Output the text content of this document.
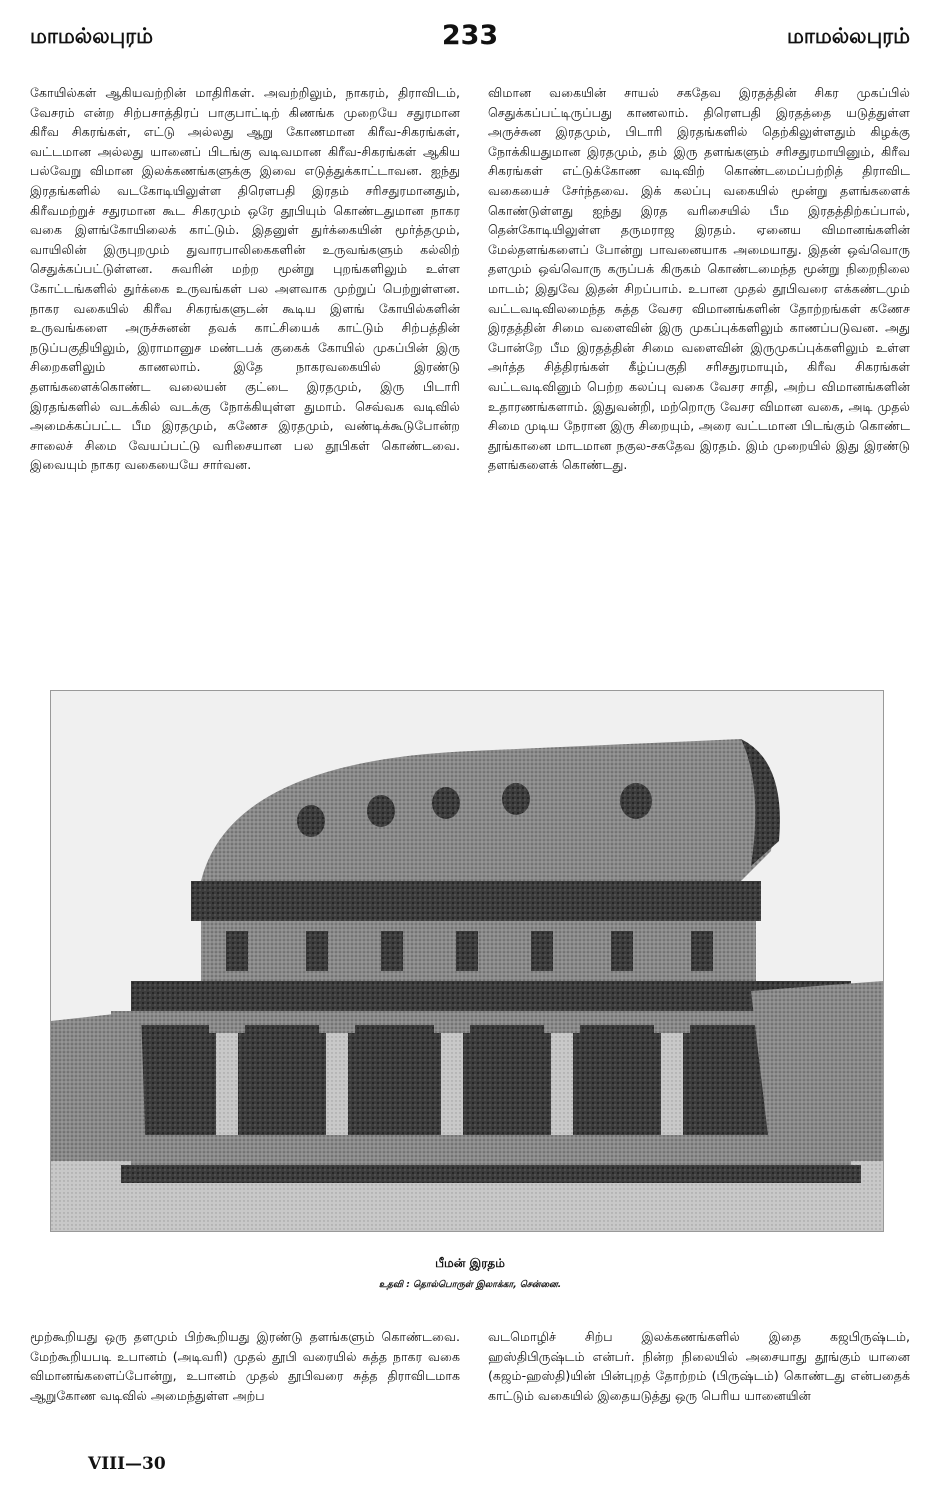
மாமல்லபுரம்	233	மாமல்லபுரம்

கோயில்கள் ஆகியவற்றின் மாதிரிகள். அவற்றிலும், நாகரம், திராவிடம், வேசரம் என்ற சிற்பசாத்திரப் பாகுபாட்டிற் கிணங்க முறையே சதுரமான கிரீவ சிகரங்கள், எட்டு அல்லது ஆறு கோணமான கிரீவ-சிகரங்கள், வட்டமான அல்லது யானைப் பிடங்கு வடிவமான கிரீவ-சிகரங்கள் ஆகிய பல்வேறு விமான இலக்கணங்களுக்கு இவை எடுத்துக்காட்டாவன. ஐந்து இரதங்களில் வடகோடியிலுள்ள திரௌபதி இரதம் சரிசதுரமானதும், கிரீவமற்றுச் சதுரமான கூட சிகரமும் ஒரே தூபியும் கொண்டதுமான நாகர வகை இளங்கோயிலைக் காட்டும். இதனுள் துர்க்கையின் மூர்த்தமும், வாயிலின் இருபுறமும் துவாரபாலிகைகளின் உருவங்களும் கல்லிற் செதுக்கப்பட்டுள்ளன. சுவரின் மற்ற மூன்று புறங்களிலும் உள்ள கோட்டங்களில் துர்க்கை உருவங்கள் பல அளவாக முற்றுப் பெற்றுள்ளன. நாகர வகையில் கிரீவ சிகரங்களுடன் கூடிய இளங் கோயில்களின் உருவங்களை அருச்சுனன் தவக் காட்சியைக் காட்டும் சிற்பத்தின் நடுப்பகுதியிலும், இராமானுச மண்டபக் குகைக் கோயில் முகப்பின் இரு சிறைகளிலும் காணலாம். இதே நாகரவகையில் இரண்டு தளங்களைக்கொண்ட வலையன் குட்டை இரதமும், இரு பிடாரி இரதங்களில் வடக்கில் வடக்கு நோக்கியுள்ள துமாம். செவ்வக வடிவில் அமைக்கப்பட்ட பீம இரதமும், கணேச இரதமும், வண்டிக்கூடுபோன்ற சாலைச் சிமை வேயப்பட்டு வரிசையான பல தூபிகள் கொண்டவை. இவையும் நாகர வகையையே சார்வன.

விமான வகையின் சாயல் சகதேவ இரதத்தின் சிகர முகப்பில் செதுக்கப்பட்டிருப்பது காணலாம். திரௌபதி இரதத்தை யடுத்துள்ள அருச்சுன இரதமும், பிடாரி இரதங்களில் தெற்கிலுள்ளதும் கிழக்கு நோக்கியதுமான இரதமும், தம் இரு தளங்களும் சரிசதுரமாயினும், கிரீவ சிகரங்கள் எட்டுக்கோண வடிவிற் கொண்டமைப்பற்றித் திராவிட வகையைச் சேர்ந்தவை. இக் கலப்பு வகையில் மூன்று தளங்களைக் கொண்டுள்ளது ஐந்து இரத வரிசையில் பீம இரதத்திற்கப்பால், தென்கோடியிலுள்ள தருமராஜ இரதம். ஏனைய விமானங்களின் மேல்தளங்களைப் போன்று பாவனையாக அமையாது. இதன் ஒவ்வொரு தளமும் ஒவ்வொரு கருப்பக் கிருகம் கொண்டமைந்த மூன்று நிறைநிலை மாடம்; இதுவே இதன் சிறப்பாம். உபான முதல் தூபிவரை எக்கண்டமும் வட்டவடிவிலமைந்த சுத்த வேசர விமானங்களின் தோற்றங்கள் கணேச இரதத்தின் சிமை வளைவின் இரு முகப்புக்களிலும் காணப்படுவன. அது போன்றே பீம இரதத்தின் சிமை வளைவின் இருமுகப்புக்களிலும் உள்ள அர்த்த சித்திரங்கள் கீழ்ப்பகுதி சரிசதுரமாயும், கிரீவ சிகரங்கள் வட்டவடிவினும் பெற்ற கலப்பு வகை வேசர சாதி, அற்ப விமானங்களின் உதாரணங்களாம். இதுவன்றி, மற்றொரு வேசர விமான வகை, அடி முதல் சிமை முடிய நேரான இரு சிறையும், அரை வட்டமான பிடங்கும் கொண்ட தூங்கானை மாடமான நகுல-சகதேவ இரதம். இம் முறையில் இது இரண்டு தளங்களைக் கொண்டது.

பீமன் இரதம்
உதவி : தொல்பொருள் இலாக்கா, சென்னை.

மூற்கூறியது ஒரு தளமும் பிற்கூறியது இரண்டு தளங்களும் கொண்டவை. மேற்கூறியபடி உபானம் (அடிவரி) முதல் தூபி வரையில் சுத்த நாகர வகை விமானங்களைப்போன்று, உபானம் முதல் தூபிவரை சுத்த திராவிடமாக ஆறுகோண வடிவில் அமைந்துள்ள அற்ப

வடமொழிச் சிற்ப இலக்கணங்களில் இதை கஜபிருஷ்டம், ஹஸ்திபிருஷ்டம் என்பர். நின்ற நிலையில் அசையாது தூங்கும் யானை (கஜம்-ஹஸ்தி)யின் பின்புறத் தோற்றம் (பிருஷ்டம்) கொண்டது என்பதைக் காட்டும் வகையில் இதையடுத்து ஒரு பெரிய யானையின்

VIII—30
